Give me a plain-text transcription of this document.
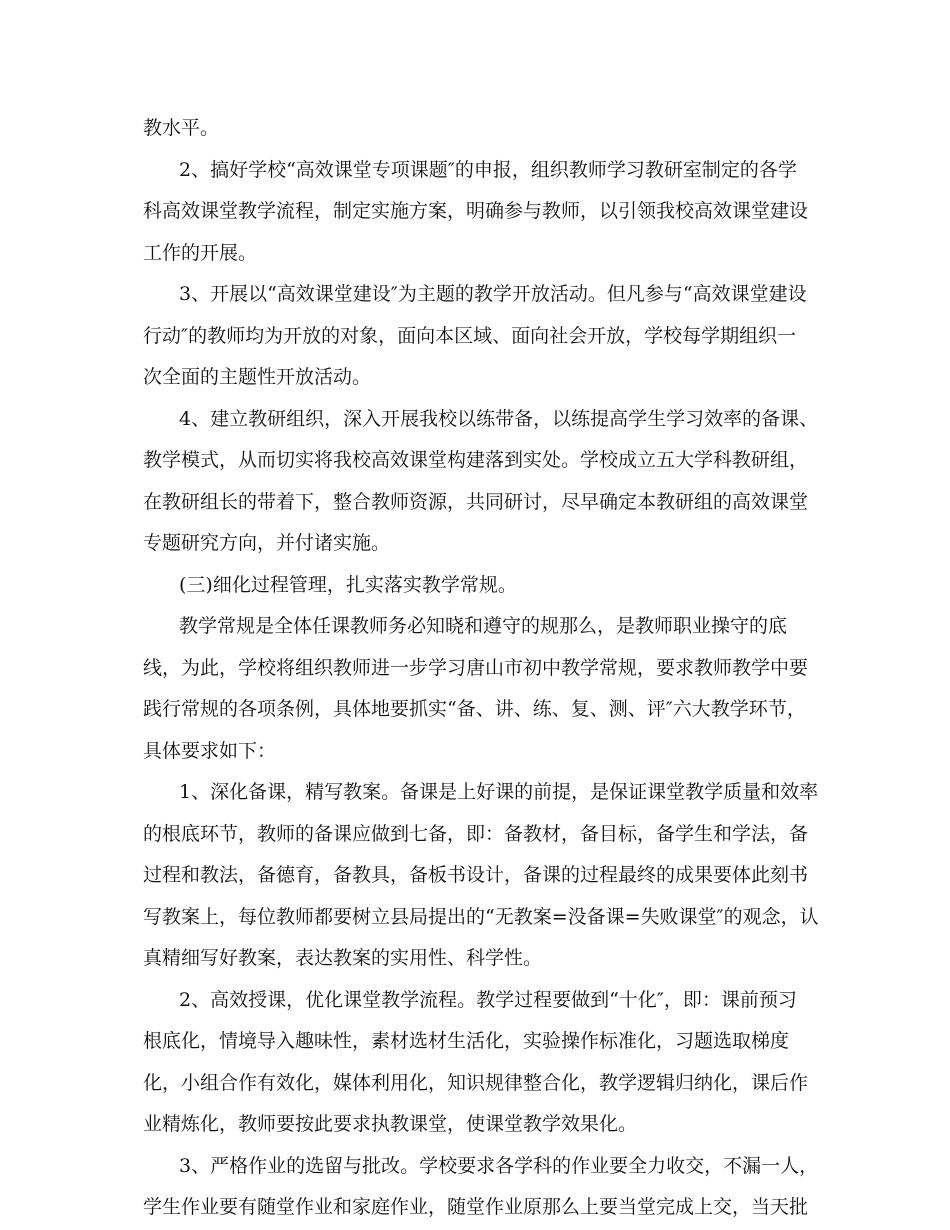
教水平。
2、搞好学校“高效课堂专项课题″的申报，组织教师学习教研室制定的各学
科高效课堂教学流程，制定实施方案，明确参与教师，以引领我校高效课堂建设
工作的开展。
3、开展以“高效课堂建设″为主题的教学开放活动。但凡参与“高效课堂建设
行动″的教师均为开放的对象，面向本区域、面向社会开放，学校每学期组织一
次全面的主题性开放活动。
4、建立教研组织，深入开展我校以练带备，以练提高学生学习效率的备课、
教学模式，从而切实将我校高效课堂构建落到实处。学校成立五大学科教研组，
在教研组长的带着下，整合教师资源，共同研讨，尽早确定本教研组的高效课堂
专题研究方向，并付诸实施。
(三)细化过程管理，扎实落实教学常规。
教学常规是全体任课教师务必知晓和遵守的规那么，是教师职业操守的底
线，为此，学校将组织教师进一步学习唐山市初中教学常规，要求教师教学中要
践行常规的各项条例，具体地要抓实“备、讲、练、复、测、评″六大教学环节，
具体要求如下：
1、深化备课，精写教案。备课是上好课的前提，是保证课堂教学质量和效率
的根底环节，教师的备课应做到七备，即：备教材，备目标，备学生和学法，备
过程和教法，备德育，备教具，备板书设计，备课的过程最终的成果要体此刻书
写教案上，每位教师都要树立县局提出的“无教案=没备课=失败课堂″的观念，认
真精细写好教案，表达教案的实用性、科学性。
2、高效授课，优化课堂教学流程。教学过程要做到“十化″，即：课前预习
根底化，情境导入趣味性，素材选材生活化，实验操作标准化，习题选取梯度
化，小组合作有效化，媒体利用化，知识规律整合化，教学逻辑归纳化，课后作
业精炼化，教师要按此要求执教课堂，使课堂教学效果化。
3、严格作业的选留与批改。学校要求各学科的作业要全力收交，不漏一人，
学生作业要有随堂作业和家庭作业，随堂作业原那么上要当堂完成上交，当天批
